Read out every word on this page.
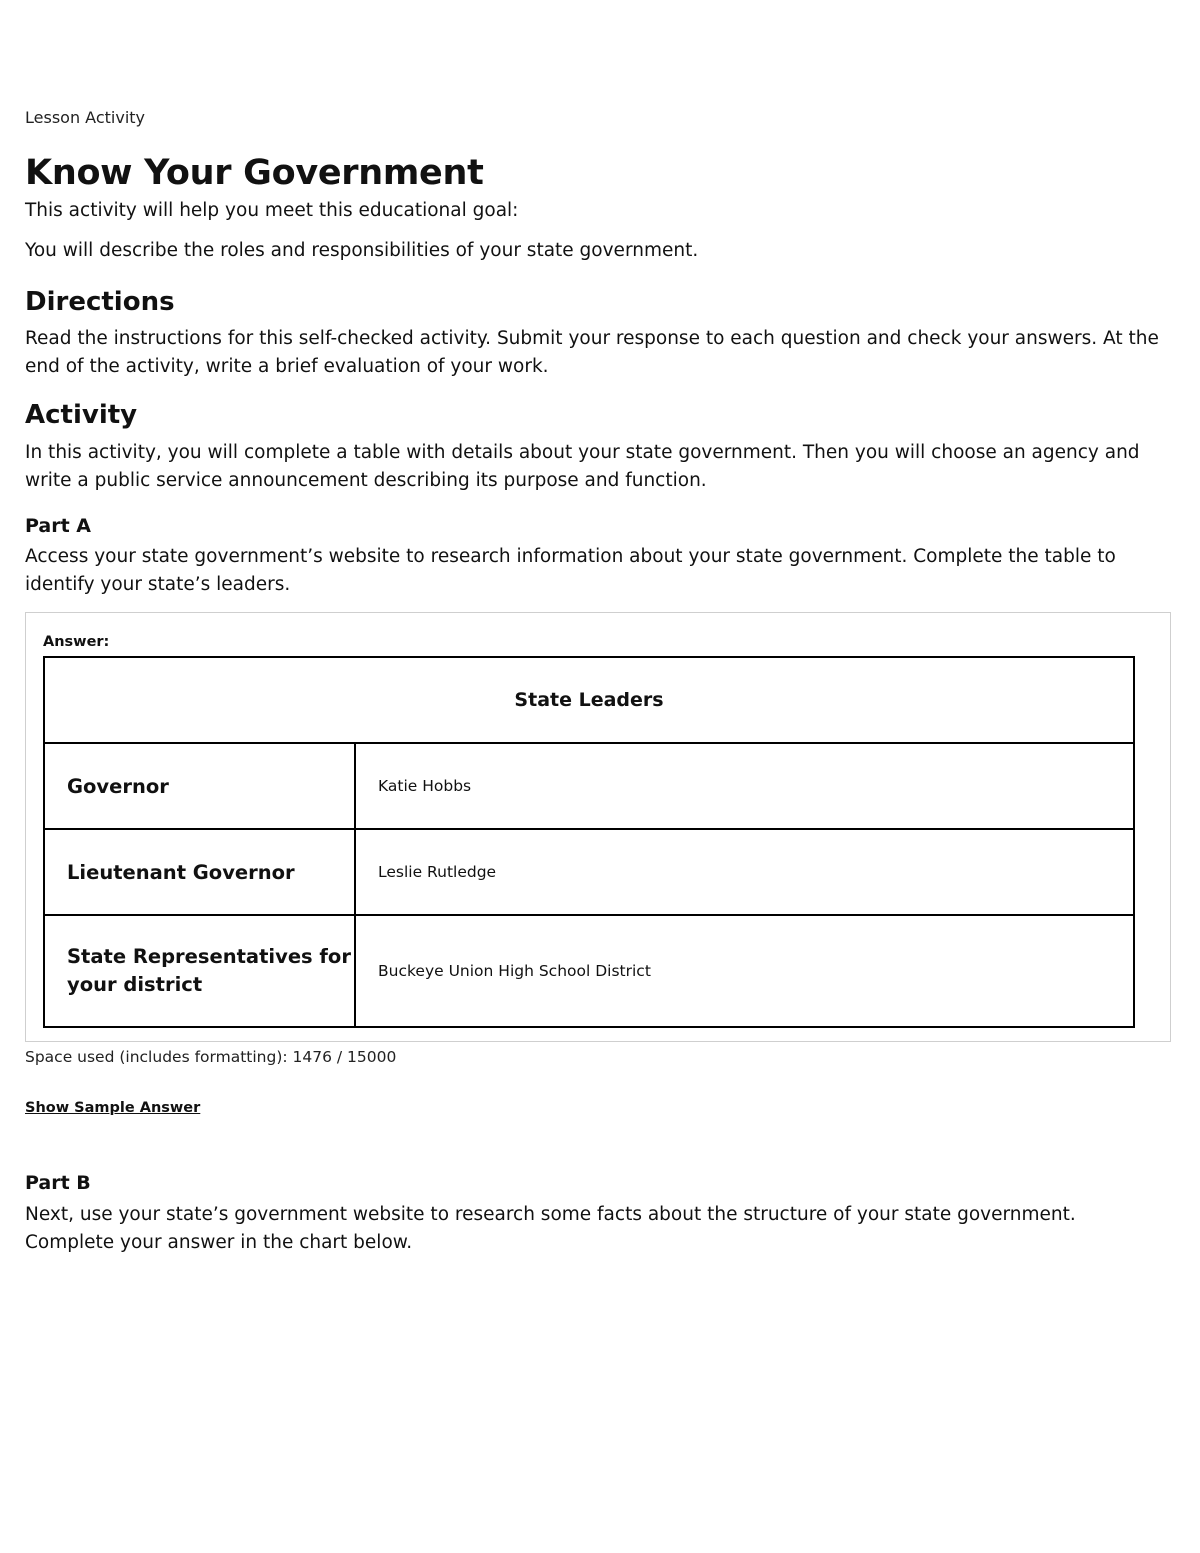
Lesson Activity
Know Your Government

This activity will help you meet this educational goal:

You will describe the roles and responsibilities of your state government.

Directions

Read the instructions for this self-checked activity. Submit your response to each question and check your answers. At the end of the activity, write a brief evaluation of your work.

Activity

In this activity, you will complete a table with details about your state government. Then you will choose an agency and write a public service announcement describing its purpose and function.

Part A

Access your state government’s website to research information about your state government. Complete the table to identify your state’s leaders.

Answer:
State Leaders	
Governor	Katie Hobbs
Lieutenant Governor	Leslie Rutledge
State Representatives for your district	Buckeye Union High School District
Space used (includes formatting): 1476 / 15000
Show Sample Answer
Part B

Next, use your state’s government website to research some facts about the structure of your state government. Complete your answer in the chart below.
